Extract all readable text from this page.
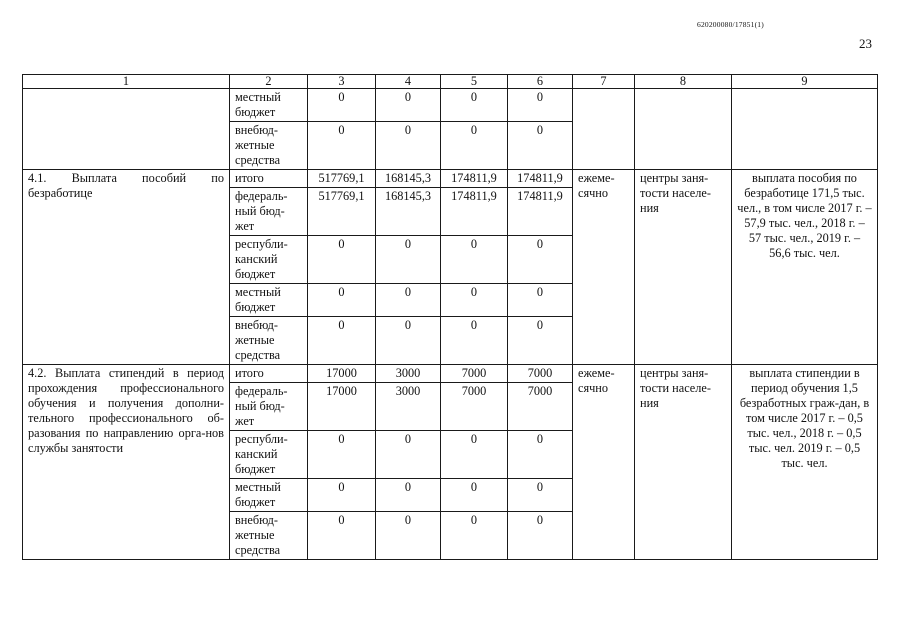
620200080/17851(1)
23
1	2	3	4	5	6	7	8	9
	местный бюджет	0	0	0	0			
	внебюд-жетные средства	0	0	0	0			
4.1. Выплата пособий по безработице	итого	517769,1	168145,3	174811,9	174811,9	ежеме-сячно	центры заня-тости населе-ния	выплата пособия по безработице 171,5 тыс. чел., в том числе 2017 г. – 57,9 тыс. чел., 2018 г. – 57 тыс. чел., 2019 г. – 56,6 тыс. чел.
	федераль-ный бюд-жет	517769,1	168145,3	174811,9	174811,9			
	республи-канский бюджет	0	0	0	0			
	местный бюджет	0	0	0	0			
	внебюд-жетные средства	0	0	0	0			
4.2. Выплата стипендий в период прохождения профессионального обучения и получения дополни-тельного профессионального об-разования по направлению орга-нов службы занятости	итого	17000	3000	7000	7000	ежеме-сячно	центры заня-тости населе-ния	выплата стипендии в период обучения 1,5 безработных граж-дан, в том числе 2017 г. – 0,5 тыс. чел., 2018 г. – 0,5 тыс. чел. 2019 г. – 0,5 тыс. чел.
	федераль-ный бюд-жет	17000	3000	7000	7000			
	республи-канский бюджет	0	0	0	0			
	местный бюджет	0	0	0	0			
	внебюд-жетные средства	0	0	0	0			
